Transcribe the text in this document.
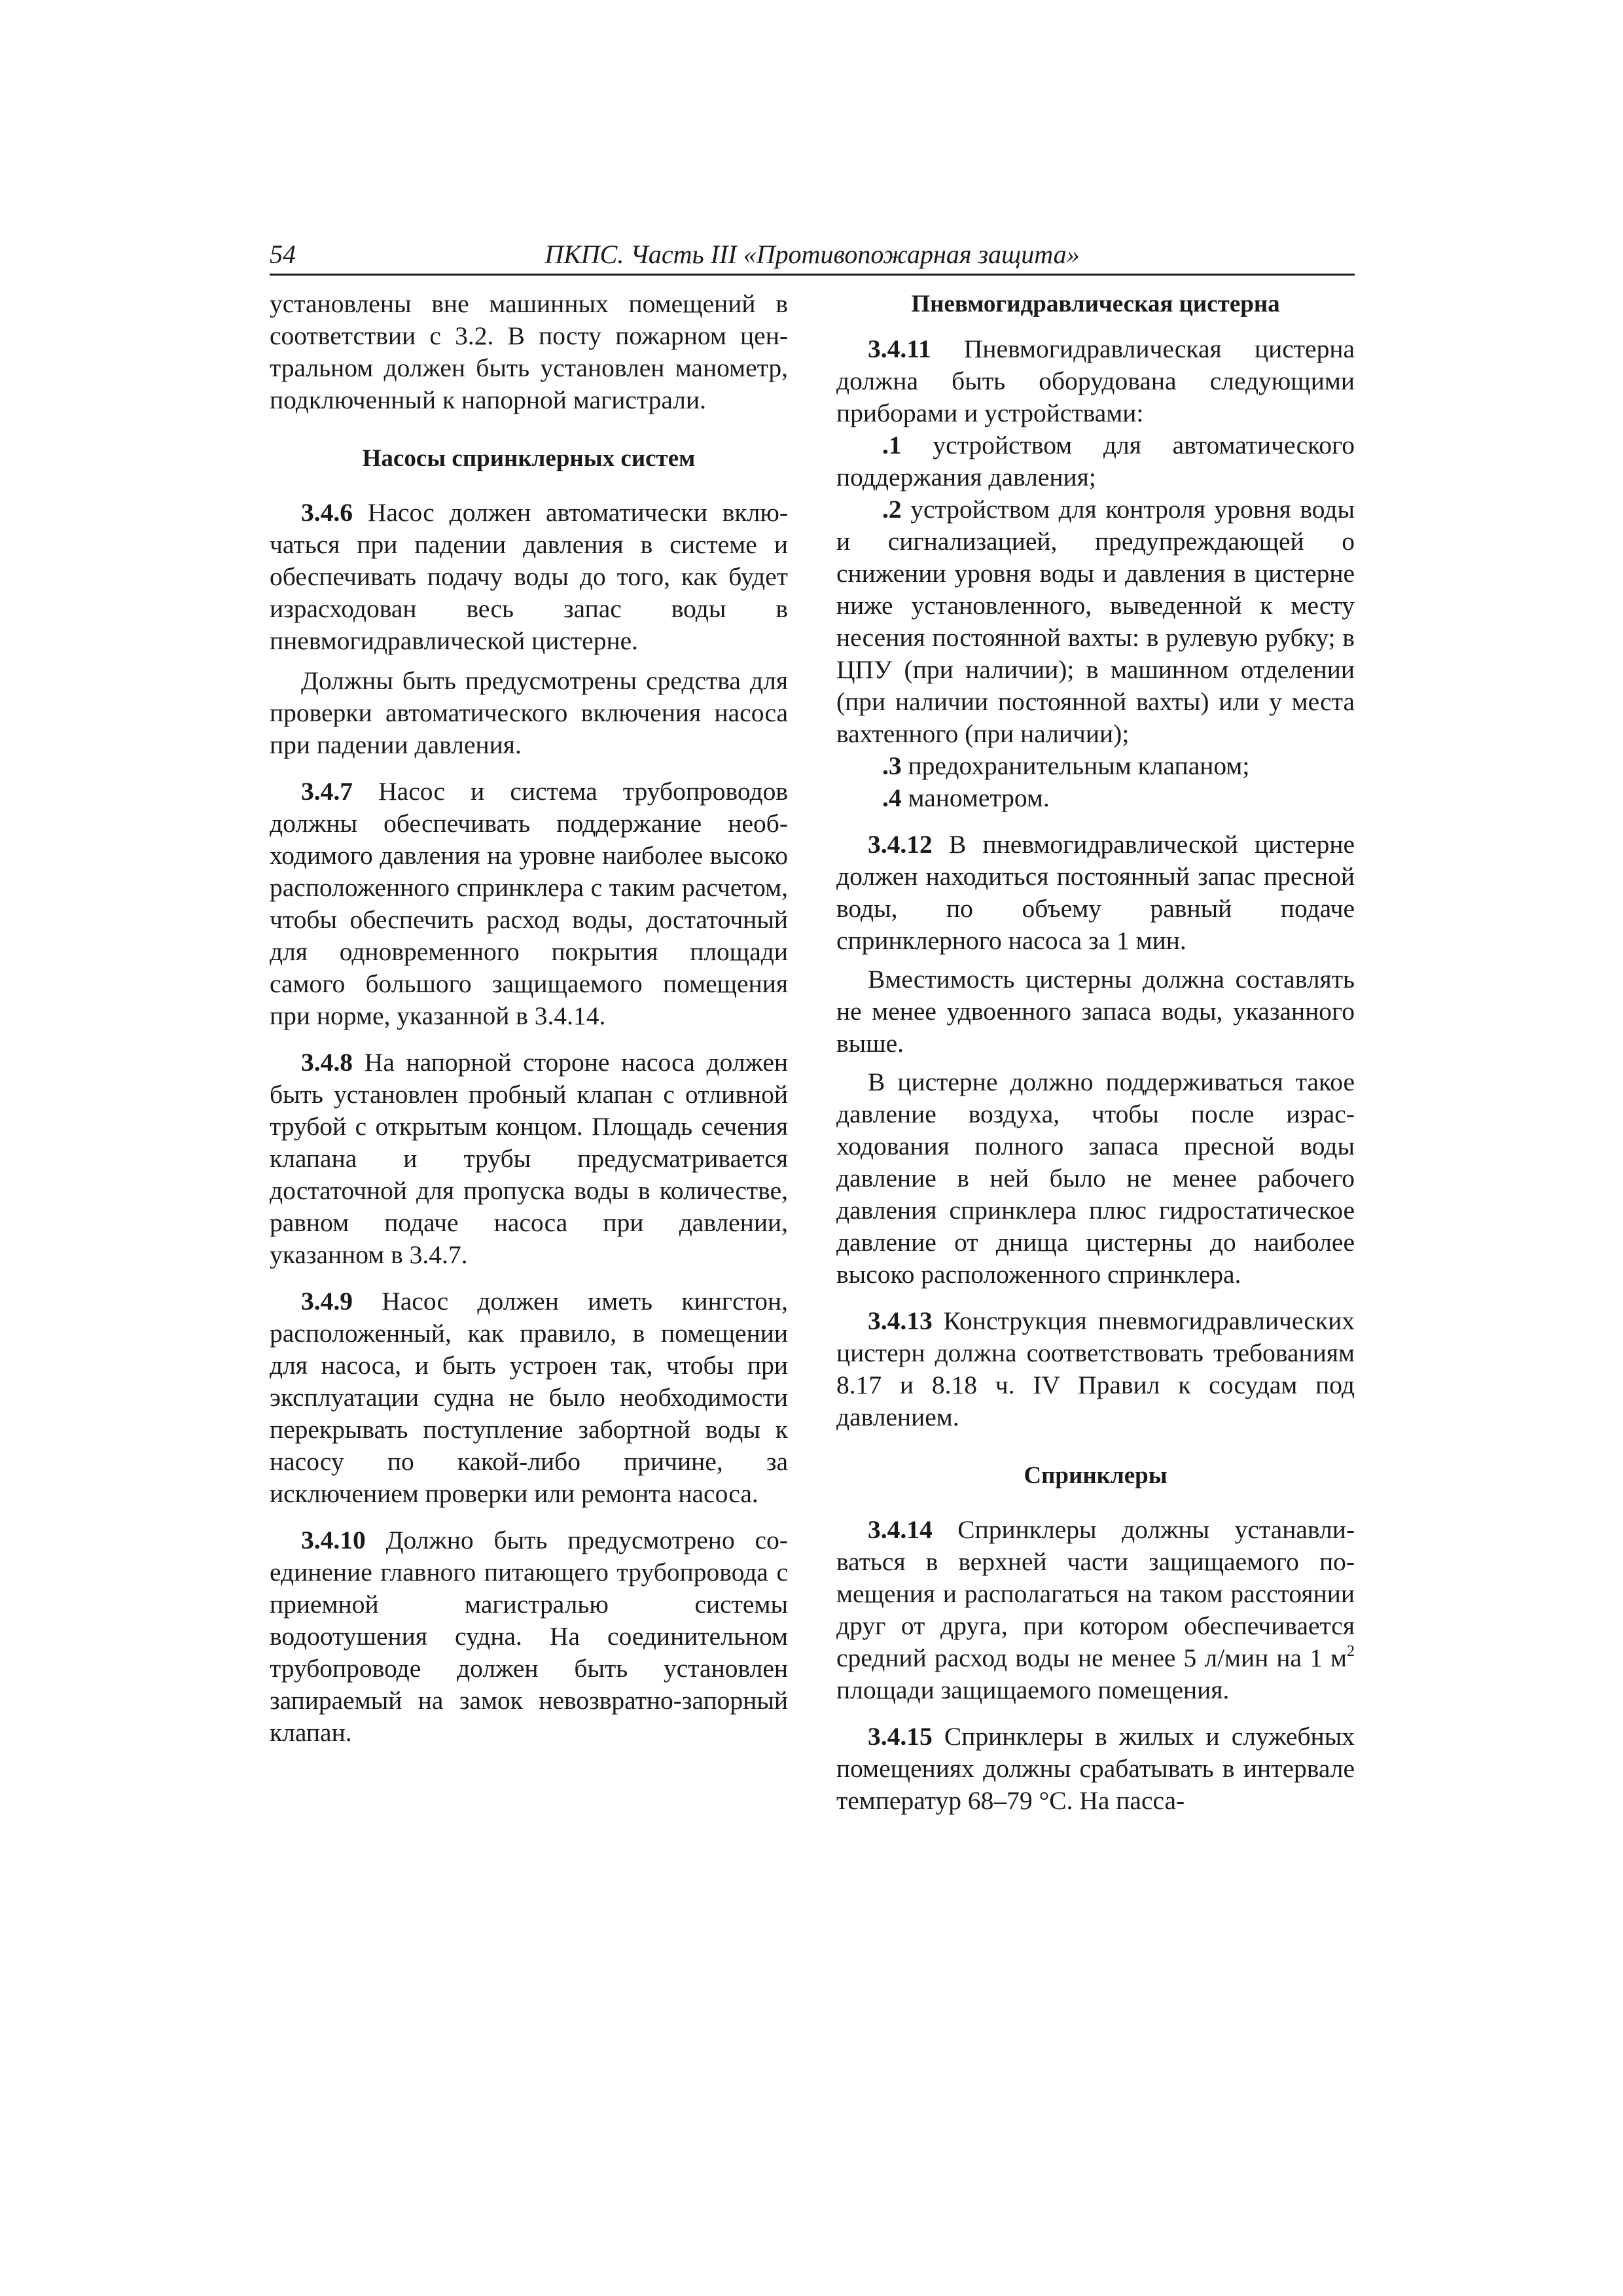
54	ПКПС. Часть III «Противопожарная защита»

установлены вне машинных помещений в соответствии с 3.2. В посту пожарном центральном должен быть установлен манометр, подключенный к напорной магистрали.

Насосы спринклерных систем

3.4.6 Насос должен автоматически включаться при падении давления в системе и обеспечивать подачу воды до того, как будет израсходован весь запас воды в пневмогидравлической цистерне.

Должны быть предусмотрены средства для проверки автоматического включения насоса при падении давления.

3.4.7 Насос и система трубопроводов должны обеспечивать поддержание необходимого давления на уровне наиболее высоко расположенного спринклера с таким расчетом, чтобы обеспечить расход воды, достаточный для одновременного покрытия площади самого большого защищаемого помещения при норме, указанной в 3.4.14.

3.4.8 На напорной стороне насоса должен быть установлен пробный клапан с отливной трубой с открытым концом. Площадь сечения клапана и трубы предусматривается достаточной для пропуска воды в количестве, равном подаче насоса при давлении, указанном в 3.4.7.

3.4.9 Насос должен иметь кингстон, расположенный, как правило, в помещении для насоса, и быть устроен так, чтобы при эксплуатации судна не было необходимости перекрывать поступление забортной воды к насосу по какой-либо причине, за исключением проверки или ремонта насоса.

3.4.10 Должно быть предусмотрено соединение главного питающего трубопровода с приемной магистралью системы водоотушения судна. На соединительном трубопроводе должен быть установлен запираемый на замок невозвратно-запорный клапан.

Пневмогидравлическая цистерна

3.4.11 Пневмогидравлическая цистерна должна быть оборудована следующими приборами и устройствами:

.1 устройством для автоматического поддержания давления;

.2 устройством для контроля уровня воды и сигнализацией, предупреждающей о снижении уровня воды и давления в цистерне ниже установленного, выведенной к месту несения постоянной вахты: в рулевую рубку; в ЦПУ (при наличии); в машинном отделении (при наличии постоянной вахты) или у места вахтенного (при наличии);

.3 предохранительным клапаном;

.4 манометром.

3.4.12 В пневмогидравлической цистерне должен находиться постоянный запас пресной воды, по объему равный подаче спринклерного насоса за 1 мин.

Вместимость цистерны должна составлять не менее удвоенного запаса воды, указанного выше.

В цистерне должно поддерживаться такое давление воздуха, чтобы после израсходования полного запаса пресной воды давление в ней было не менее рабочего давления спринклера плюс гидростатическое давление от днища цистерны до наиболее высоко расположенного спринклера.

3.4.13 Конструкция пневмогидравлических цистерн должна соответствовать требованиям 8.17 и 8.18 ч. IV Правил к сосудам под давлением.

Спринклеры

3.4.14 Спринклеры должны устанавливаться в верхней части защищаемого помещения и располагаться на таком расстоянии друг от друга, при котором обеспечивается средний расход воды не менее 5 л/мин на 1 $м^2$ площади защищаемого помещения.

3.4.15 Спринклеры в жилых и служебных помещениях должны срабатывать в интервале температур 68–79 °С. На пасса-
